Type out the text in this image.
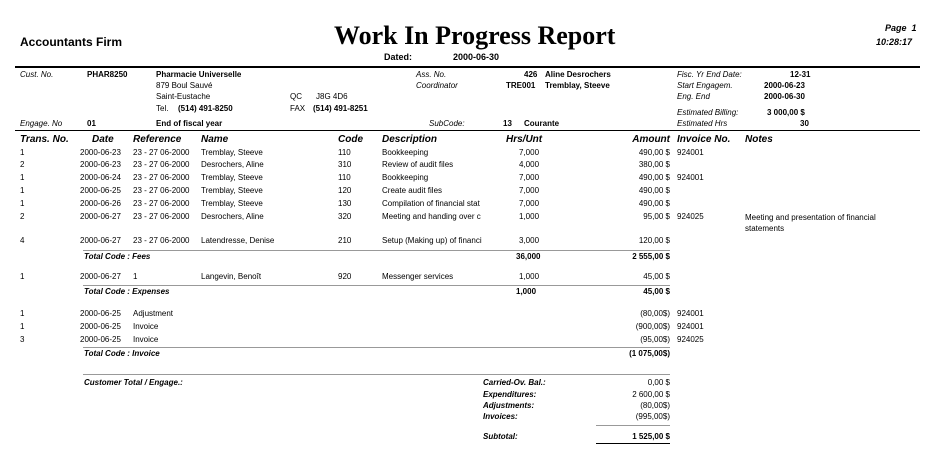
Accountants Firm	Work In Progress Report
Dated:	2000-06-30
Page 1
10:28:17
Cust. No.	PHAR8250	Pharmacie Universelle
879 Boul Sauvé
Saint-Eustache	QC J8G 4D6
Tel. (514) 491-8250	FAX (514) 491-8251
Ass. No.	426 Aline Desrochers
Coordinator	TRE001 Tremblay, Steeve
Fisc. Yr End Date:	12-31
Start Engagem.	2000-06-23
Eng. End	2000-06-30
Estimated Billing:	3 000,00 $
Estimated Hrs	30
Engage. No	01	End of fiscal year	SubCode:	13 Courante
Trans. No. Date Reference Name	Code Description	Hrs/Unt	Amount Invoice No. Notes
1	2000-06-23 23 - 27 06-2000 Tremblay, Steeve	110	Bookkeeping	7,000	490,00 $ 924001
2	2000-06-23 23 - 27 06-2000 Desrochers, Aline	310	Review of audit files	4,000	380,00 $
1	2000-06-24 23 - 27 06-2000 Tremblay, Steeve	110	Bookkeeping	7,000	490,00 $ 924001
1	2000-06-25 23 - 27 06-2000 Tremblay, Steeve	120	Create audit files	7,000	490,00 $
1	2000-06-26 23 - 27 06-2000 Tremblay, Steeve	130	Compilation of financial stat	7,000	490,00 $
2	2000-06-27 23 - 27 06-2000 Desrochers, Aline	320	Meeting and handing over c	1,000	95,00 $ 924025	Meeting and presentation of financial statements
4	2000-06-27 23 - 27 06-2000 Latendresse, Denise	210	Setup (Making up) of financi	3,000	120,00 $
Total Code : Fees	36,000	2 555,00 $
1	2000-06-27 1	Langevin, Benoît	920	Messenger services	1,000	45,00 $
Total Code : Expenses	1,000	45,00 $
1	2000-06-25 Adjustment	(80,00$) 924001
1	2000-06-25 Invoice	(900,00$) 924001
3	2000-06-25 Invoice	(95,00$) 924025
Total Code : Invoice	(1 075,00$)
Customer Total / Engage.:	Carried-Ov. Bal.:	0,00 $
Expenditures:	2 600,00 $
Adjustments:	(80,00$)
Invoices:	(995,00$)
Subtotal:	1 525,00 $
